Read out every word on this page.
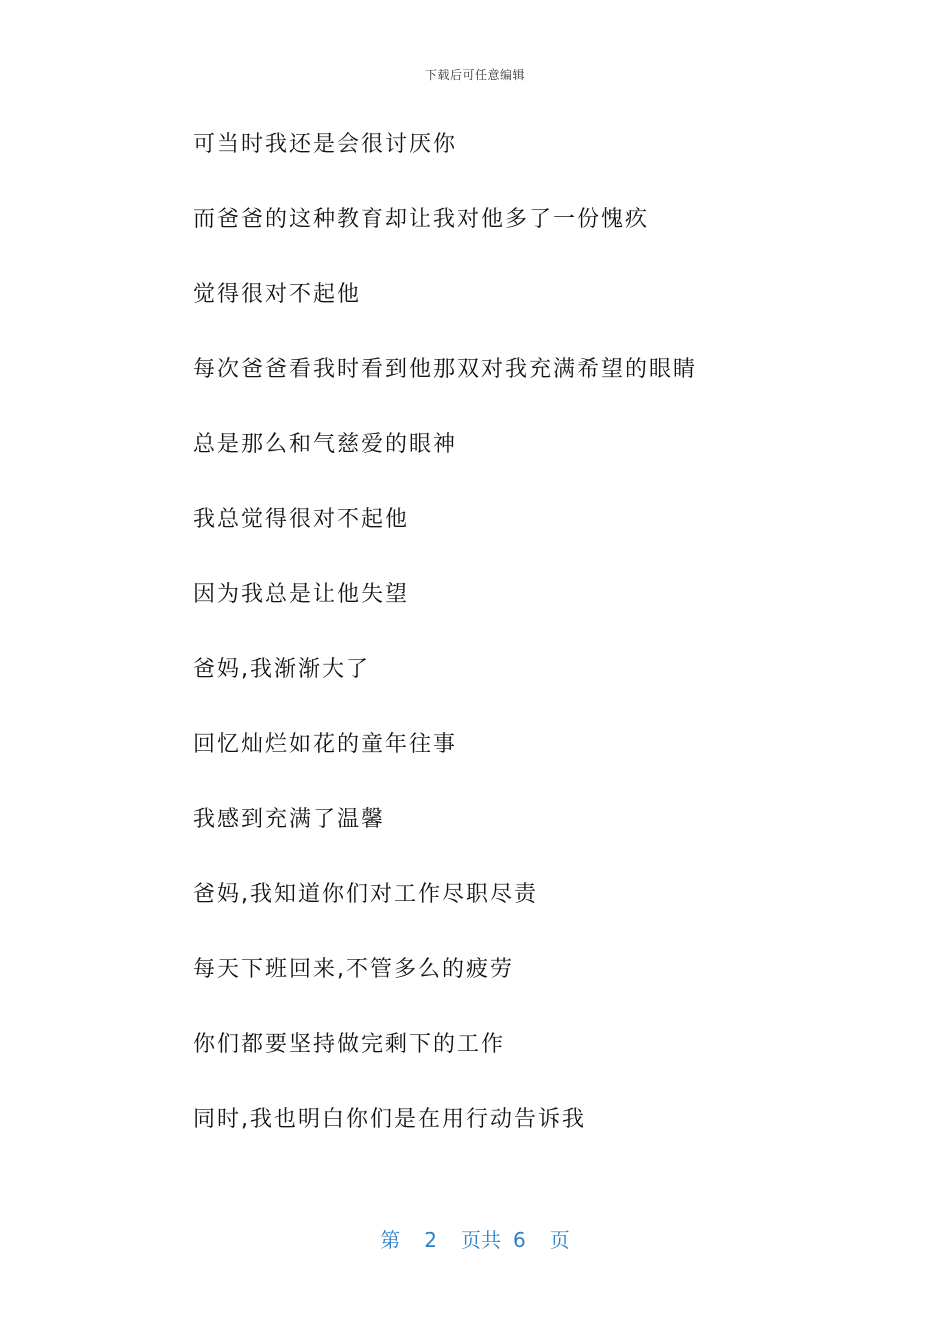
下载后可任意编辑
可当时我还是会很讨厌你
而爸爸的这种教育却让我对他多了一份愧疚
觉得很对不起他
每次爸爸看我时看到他那双对我充满希望的眼睛
总是那么和气慈爱的眼神
我总觉得很对不起他
因为我总是让他失望
爸妈,我渐渐大了
回忆灿烂如花的童年往事
我感到充满了温馨
爸妈,我知道你们对工作尽职尽责
每天下班回来,不管多么的疲劳
你们都要坚持做完剩下的工作
同时,我也明白你们是在用行动告诉我
第 2 页共 6 页
